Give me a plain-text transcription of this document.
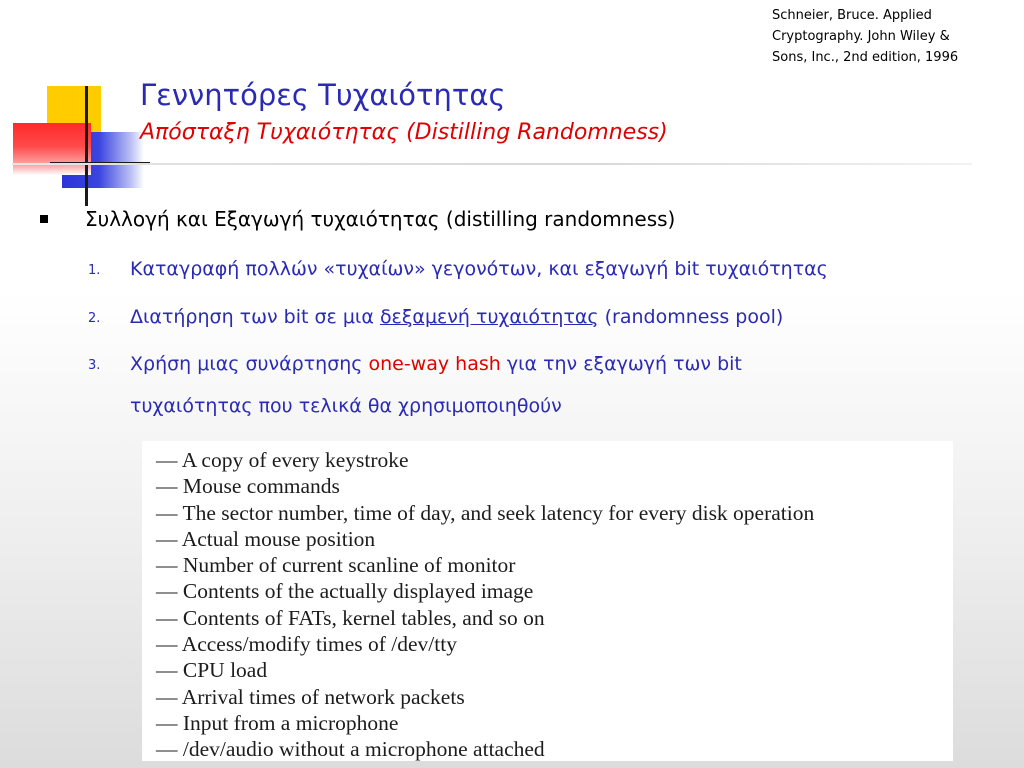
Schneier, Bruce. Applied
Cryptography. John Wiley &
Sons, Inc., 2nd edition, 1996
Γεννητόρες Τυχαιότητας
Απόσταξη Τυχαιότητας (Distilling Randomness)
Συλλογή και Εξαγωγή τυχαιότητας (distilling randomness)
1. Καταγραφή πολλών «τυχαίων» γεγονότων, και εξαγωγή bit τυχαιότητας
2. Διατήρηση των bit σε μια δεξαμενή τυχαιότητας (randomness pool)
3. Χρήση μιας συνάρτησης one-way hash για την εξαγωγή των bit
τυχαιότητας που τελικά θα χρησιμοποιηθούν
— A copy of every keystroke
— Mouse commands
— The sector number, time of day, and seek latency for every disk operation
— Actual mouse position
— Number of current scanline of monitor
— Contents of the actually displayed image
— Contents of FATs, kernel tables, and so on
— Access/modify times of /dev/tty
— CPU load
— Arrival times of network packets
— Input from a microphone
— /dev/audio without a microphone attached
